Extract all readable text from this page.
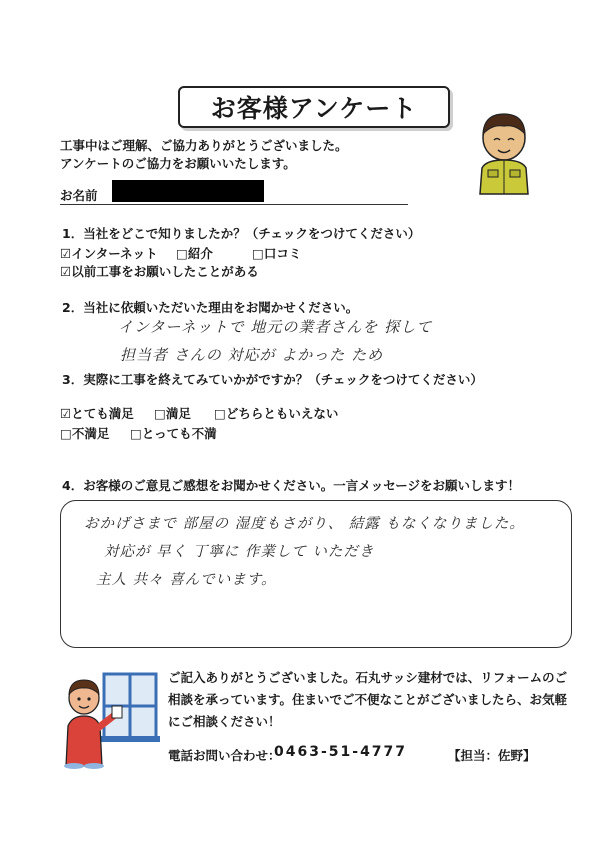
お客様アンケート
工事中はご理解、ご協力ありがとうございました。
アンケートのご協力をお願いいたします。
お名前
1．当社をどこで知りましたか？（チェックをつけてください）
☑インターネット □紹介	□口コミ
☑以前工事をお願いしたことがある
2．当社に依頼いただいた理由をお聞かせください。
インターネットで 地元の業者さんを 探して
担当者 さんの 対応が よかった ため
3．実際に工事を終えてみていかがですか？（チェックをつけてください）
☑とても満足 □満足 □どちらともいえない
□不満足 □とっても不満
4．お客様のご意見ご感想をお聞かせください。一言メッセージをお願いします！
おかげさまで 部屋の 湿度もさがり、 結露 もなくなりました。
対応が 早く 丁寧に 作業して いただき
主人 共々 喜んでいます。
ご記入ありがとうございました。石丸サッシ建材では、リフォームのご
相談を承っています。住まいでご不便なことがございましたら、お気軽
にご相談ください！
電話お問い合わせ：
0463-51-4777	【担当：佐野】
